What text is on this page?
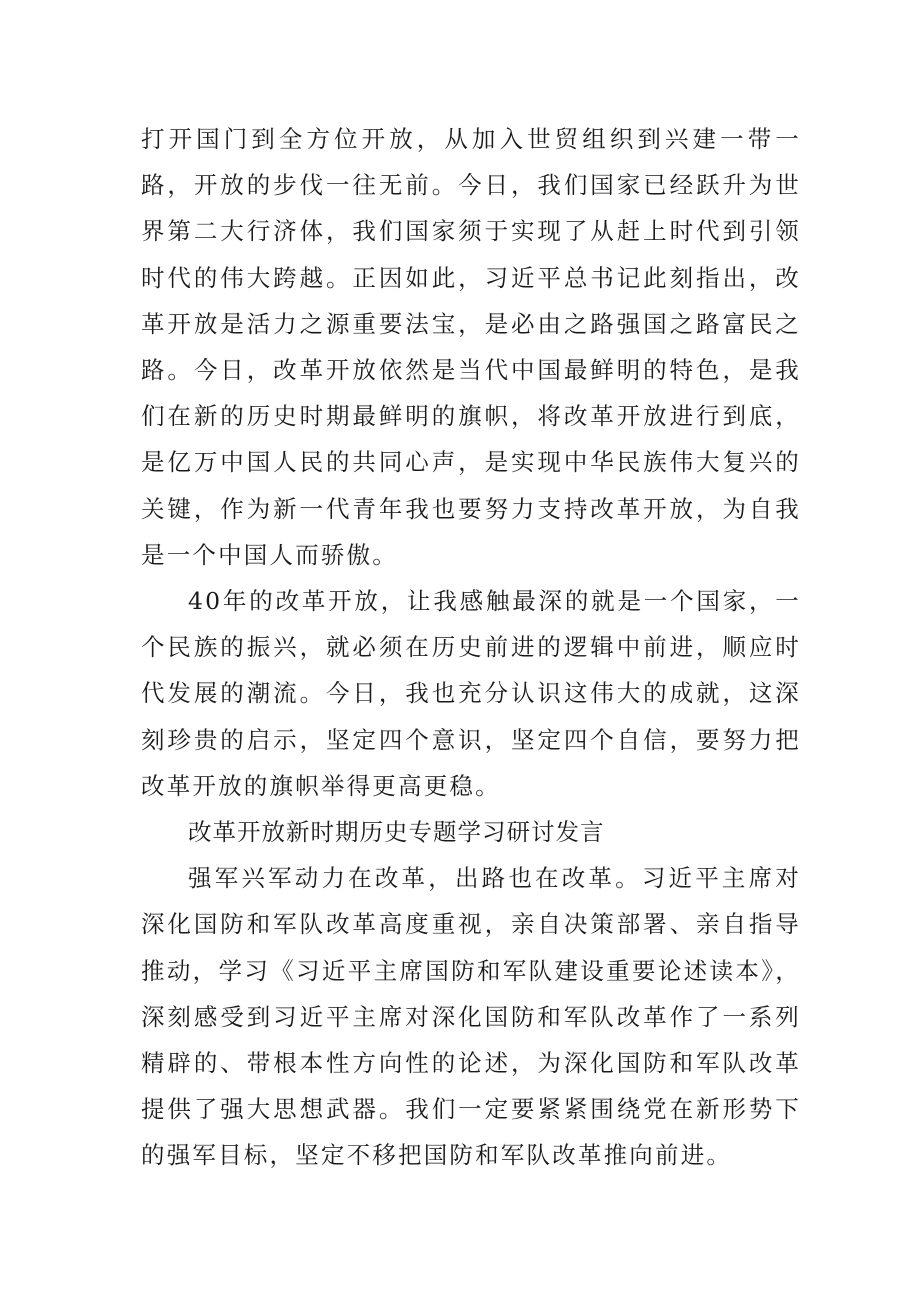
打开国门到全方位开放，从加入世贸组织到兴建一带一路，开放的步伐一往无前。今日，我们国家已经跃升为世界第二大行济体，我们国家须于实现了从赶上时代到引领时代的伟大跨越。正因如此，习近平总书记此刻指出，改革开放是活力之源重要法宝，是必由之路强国之路富民之路。今日，改革开放依然是当代中国最鲜明的特色，是我们在新的历史时期最鲜明的旗帜，将改革开放进行到底，是亿万中国人民的共同心声，是实现中华民族伟大复兴的关键，作为新一代青年我也要努力支持改革开放，为自我是一个中国人而骄傲。

40年的改革开放，让我感触最深的就是一个国家，一个民族的振兴，就必须在历史前进的逻辑中前进，顺应时代发展的潮流。今日，我也充分认识这伟大的成就，这深刻珍贵的启示，坚定四个意识，坚定四个自信，要努力把改革开放的旗帜举得更高更稳。

改革开放新时期历史专题学习研讨发言

强军兴军动力在改革，出路也在改革。习近平主席对深化国防和军队改革高度重视，亲自决策部署、亲自指导推动，学习《习近平主席国防和军队建设重要论述读本》，深刻感受到习近平主席对深化国防和军队改革作了一系列精辟的、带根本性方向性的论述，为深化国防和军队改革提供了强大思想武器。我们一定要紧紧围绕党在新形势下的强军目标，坚定不移把国防和军队改革推向前进。
